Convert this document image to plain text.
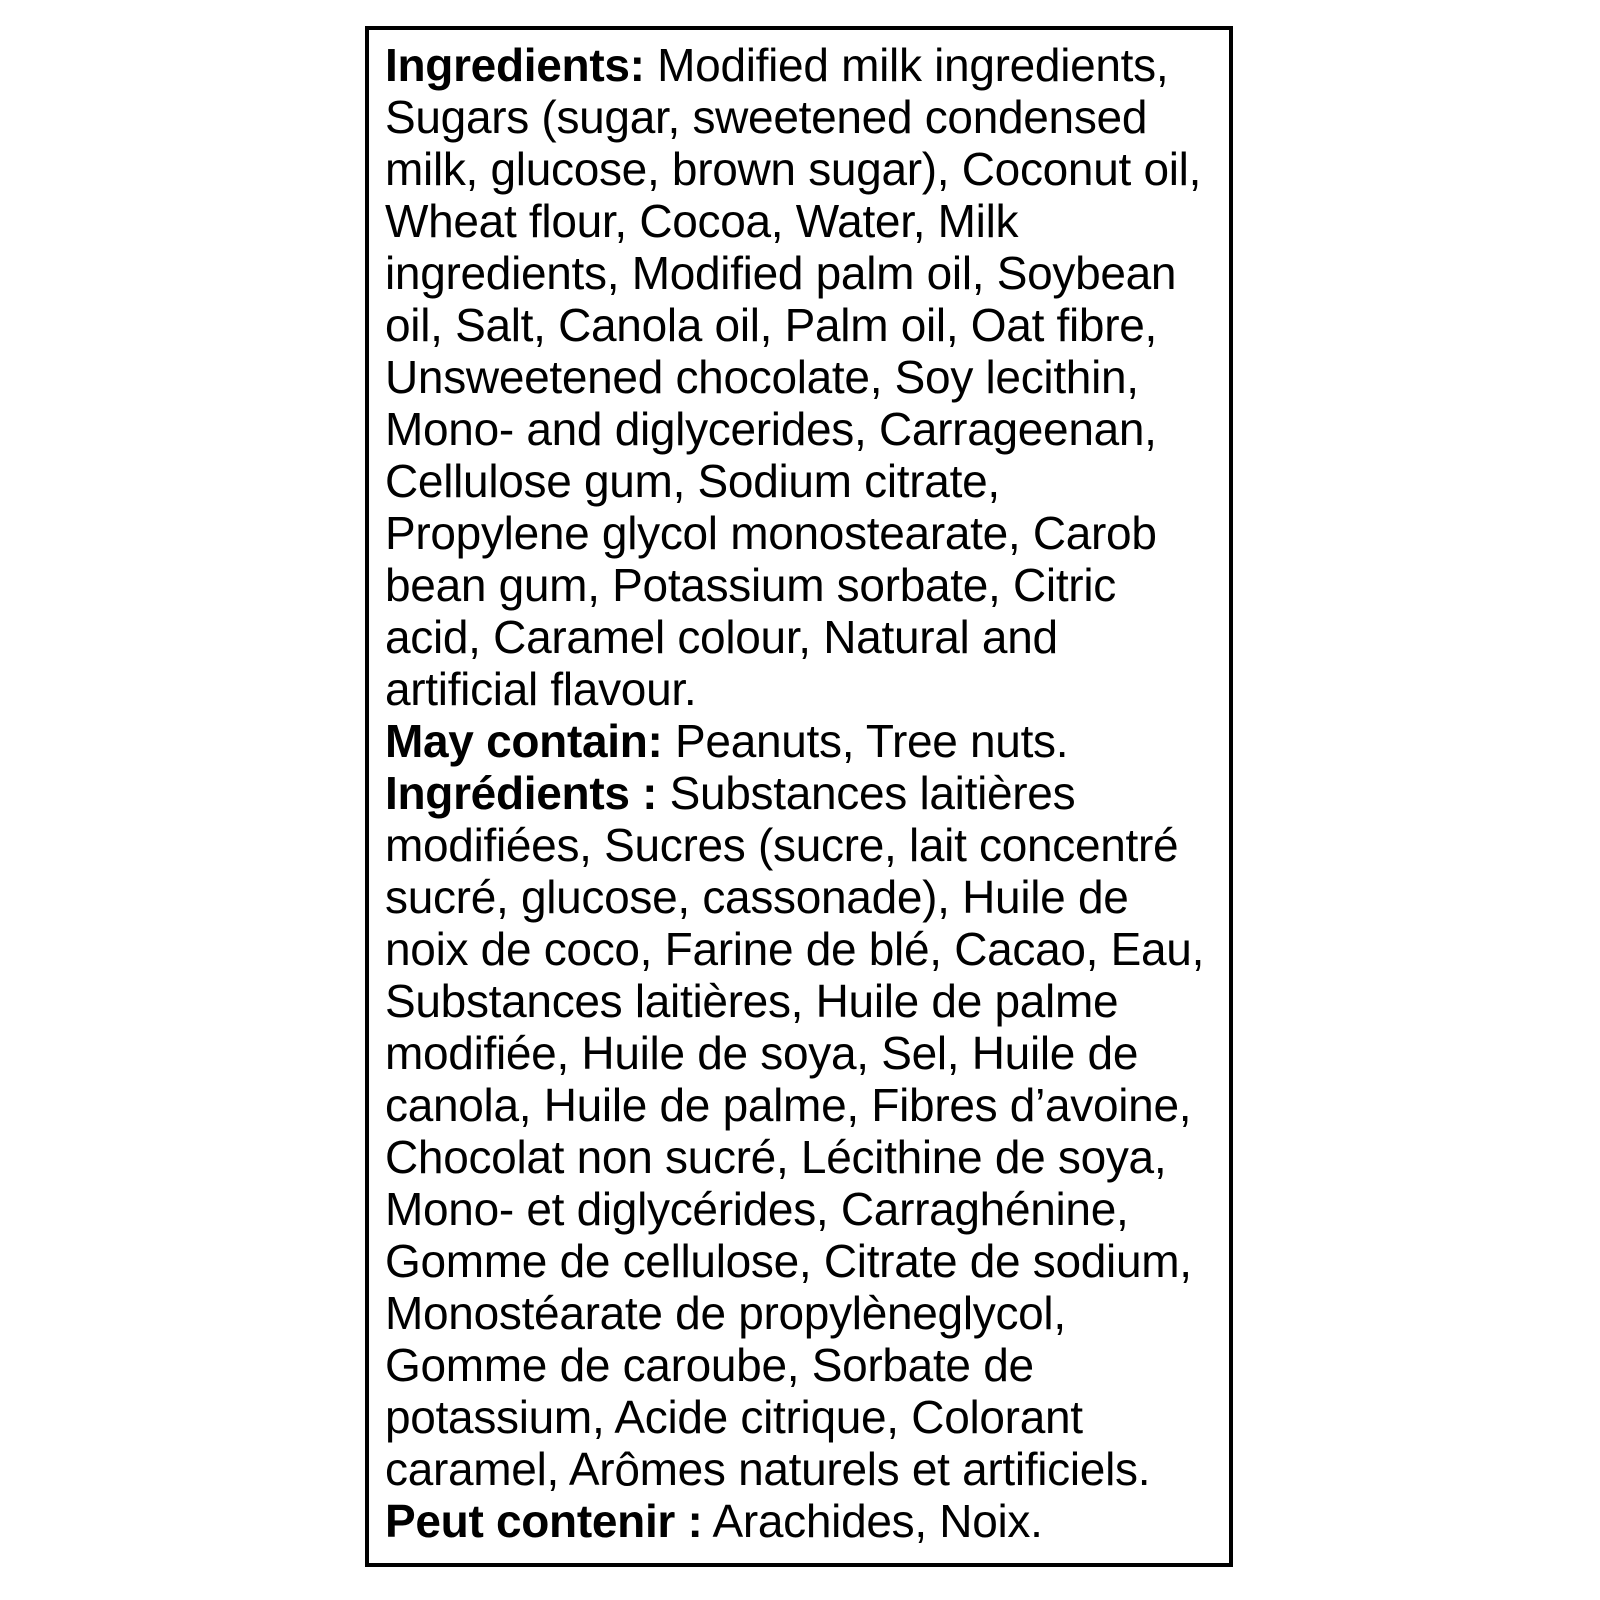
Ingredients: Modified milk ingredients,
Sugars (sugar, sweetened condensed
milk, glucose, brown sugar), Coconut oil,
Wheat flour, Cocoa, Water, Milk
ingredients, Modified palm oil, Soybean
oil, Salt, Canola oil, Palm oil, Oat fibre,
Unsweetened chocolate, Soy lecithin,
Mono- and diglycerides, Carrageenan,
Cellulose gum, Sodium citrate,
Propylene glycol monostearate, Carob
bean gum, Potassium sorbate, Citric
acid, Caramel colour, Natural and
artificial flavour.

May contain: Peanuts, Tree nuts.

Ingrédients : Substances laitières
modifiées, Sucres (sucre, lait concentré
sucré, glucose, cassonade), Huile de
noix de coco, Farine de blé, Cacao, Eau,
Substances laitières, Huile de palme
modifiée, Huile de soya, Sel, Huile de
canola, Huile de palme, Fibres d’avoine,
Chocolat non sucré, Lécithine de soya,
Mono- et diglycérides, Carraghénine,
Gomme de cellulose, Citrate de sodium,
Monostéarate de propylèneglycol,
Gomme de caroube, Sorbate de
potassium, Acide citrique, Colorant
caramel, Arômes naturels et artificiels.

Peut contenir : Arachides, Noix.
